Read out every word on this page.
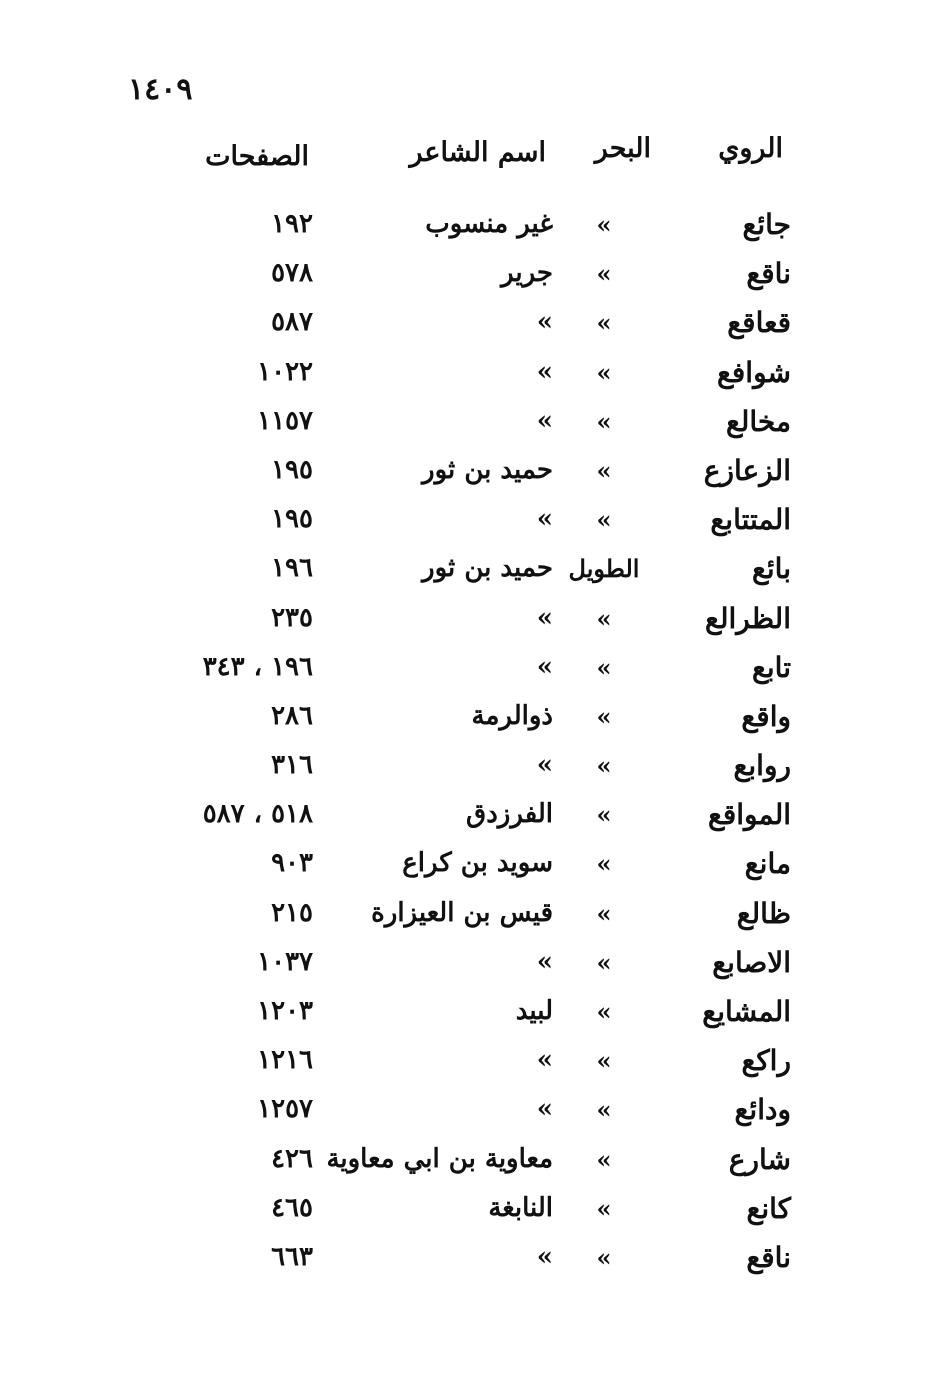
١٤٠٩
الروي
البحر
اسم الشاعر
الصفحات
جائع
»
غير منسوب
١٩٢
ناقع
»
جرير
٥٧٨
قعاقع
»
»
٥٨٧
شوافع
»
»
١٠٢٢
مخالع
»
»
١١٥٧
الزعازع
»
حميد بن ثور
١٩٥
المتتابع
»
»
١٩٥
بائع
الطويل
حميد بن ثور
١٩٦
الظرالع
»
»
٢٣٥
تابع
»
»
١٩٦ ، ٣٤٣
واقع
»
ذوالرمة
٢٨٦
روابع
»
»
٣١٦
المواقع
»
الفرزدق
٥١٨ ، ٥٨٧
مانع
»
سويد بن كراع
٩٠٣
ظالع
»
قيس بن العيزارة
٢١٥
الاصابع
»
»
١٠٣٧
المشايع
»
لبيد
١٢٠٣
راكع
»
»
١٢١٦
ودائع
»
»
١٢٥٧
شارع
»
معاوية بن ابي معاوية
٤٢٦
كانع
»
النابغة
٤٦٥
ناقع
»
»
٦٦٣
